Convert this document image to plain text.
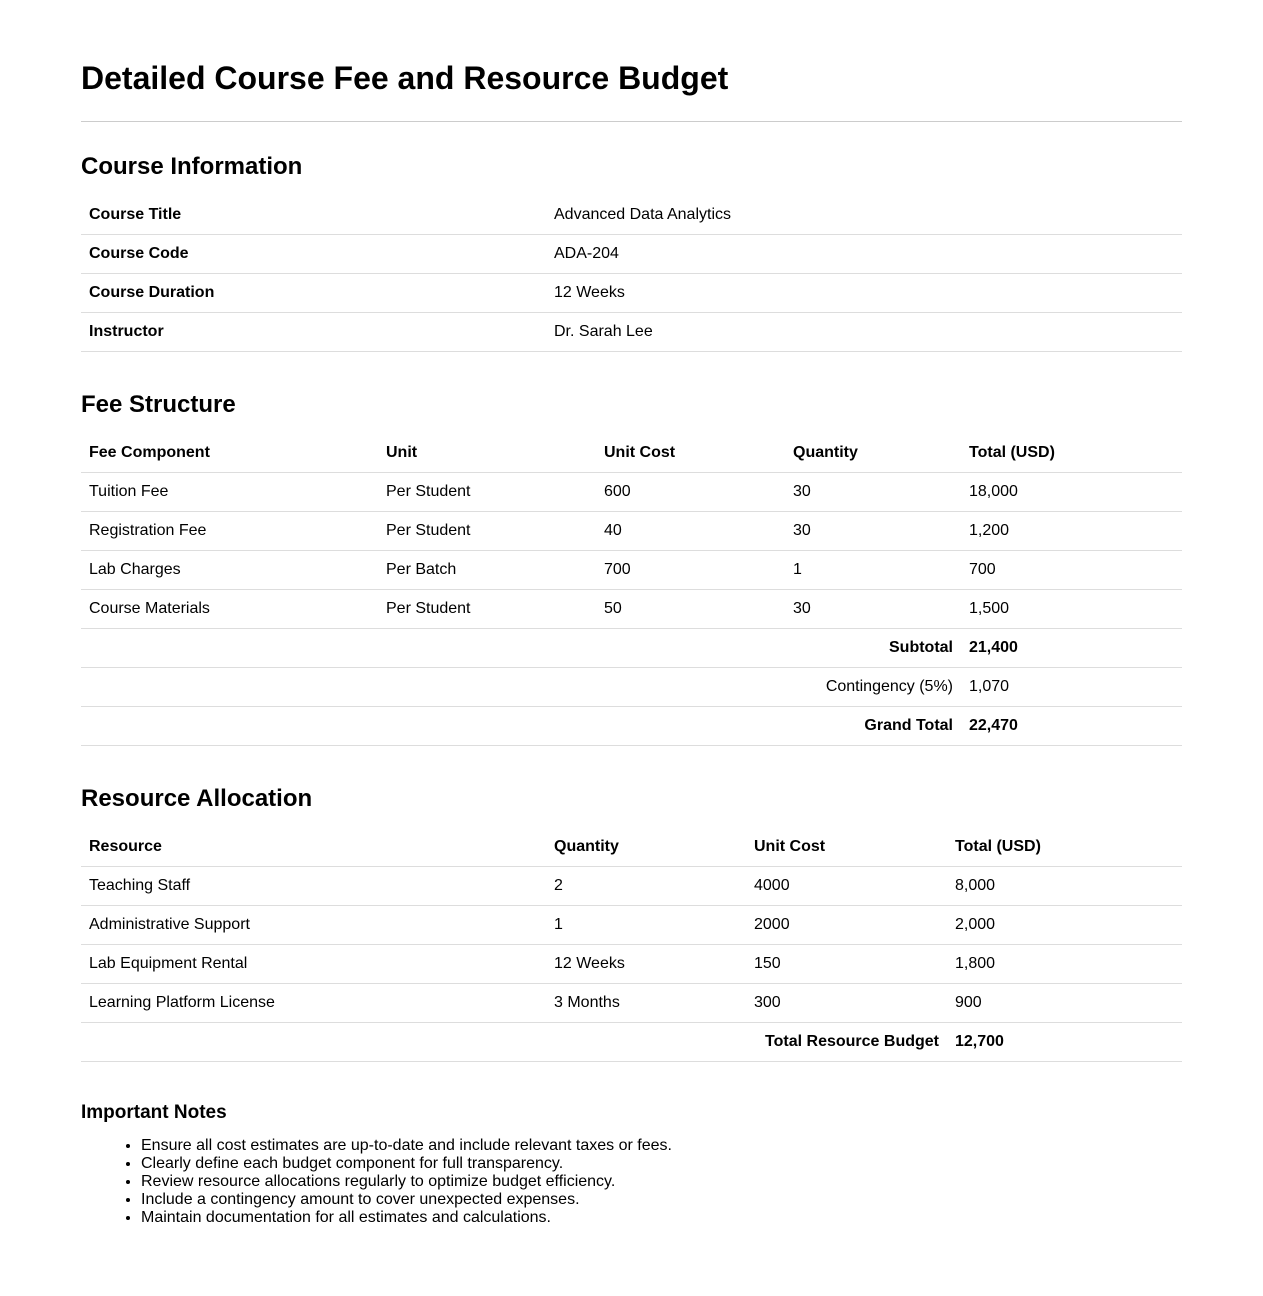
Detailed Course Fee and Resource Budget
Course Information
Course Title	Advanced Data Analytics
Course Code	ADA-204
Course Duration	12 Weeks
Instructor	Dr. Sarah Lee
Fee Structure
Fee Component	Unit	Unit Cost	Quantity	Total (USD)
Tuition Fee	Per Student	600	30	18,000
Registration Fee	Per Student	40	30	1,200
Lab Charges	Per Batch	700	1	700
Course Materials	Per Student	50	30	1,500
Subtotal				21,400
Contingency (5%)				1,070
Grand Total				22,470
Resource Allocation
Resource	Quantity	Unit Cost	Total (USD)
Teaching Staff	2	4000	8,000
Administrative Support	1	2000	2,000
Lab Equipment Rental	12 Weeks	150	1,800
Learning Platform License	3 Months	300	900
Total Resource Budget			12,700
Important Notes
• Ensure all cost estimates are up-to-date and include relevant taxes or fees.
• Clearly define each budget component for full transparency.
• Review resource allocations regularly to optimize budget efficiency.
• Include a contingency amount to cover unexpected expenses.
• Maintain documentation for all estimates and calculations.
